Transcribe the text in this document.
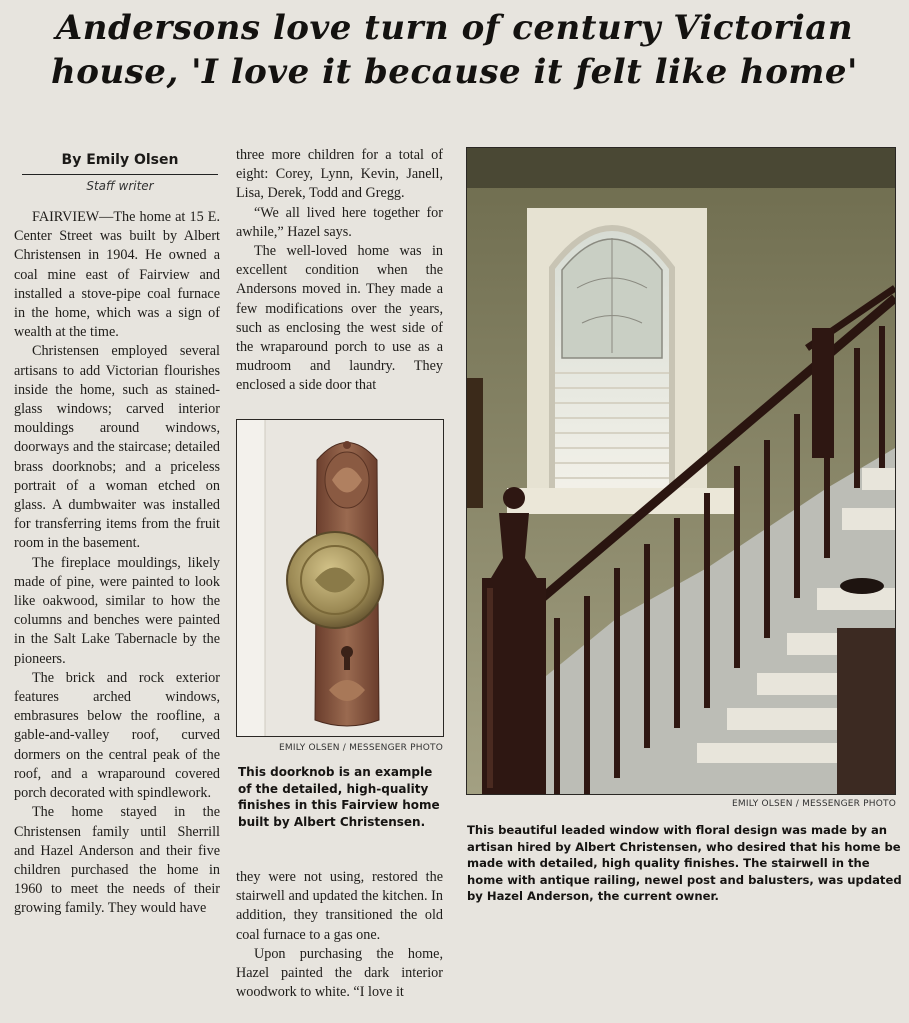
Andersons love turn of century Victorian
house, 'I love it because it felt like home'
By Emily Olsen
Staff writer

FAIRVIEW—The home at 15 E. Center Street was built by Albert Christensen in 1904. He owned a coal mine east of Fairview and installed a stove-pipe coal furnace in the home, which was a sign of wealth at the time.

Christensen employed several artisans to add Victorian flourishes inside the home, such as stained-glass windows; carved interior mouldings around windows, doorways and the staircase; detailed brass doorknobs; and a priceless portrait of a woman etched on glass. A dumbwaiter was installed for transferring items from the fruit room in the basement.

The fireplace mouldings, likely made of pine, were painted to look like oakwood, similar to how the columns and benches were painted in the Salt Lake Tabernacle by the pioneers.

The brick and rock exterior features arched windows, embrasures below the roofline, a gable-and-valley roof, curved dormers on the central peak of the roof, and a wraparound covered porch decorated with spindlework.

The home stayed in the Christensen family until Sherrill and Hazel Anderson and their five children purchased the home in 1960 to meet the needs of their growing family. They would have

three more children for a total of eight: Corey, Lynn, Kevin, Janell, Lisa, Derek, Todd and Gregg.

“We all lived here together for awhile,” Hazel says.

The well-loved home was in excellent condition when the Andersons moved in. They made a few modifications over the years, such as enclosing the west side of the wraparound porch to use as a mudroom and laundry. They enclosed a side door that

EMILY OLSEN / MESSENGER PHOTO
This doorknob is an example of the detailed, high-quality finishes in this Fairview home built by Albert Christensen.

they were not using, restored the stairwell and updated the kitchen. In addition, they transitioned the old coal furnace to a gas one.

Upon purchasing the home, Hazel painted the dark interior woodwork to white. “I love it

EMILY OLSEN / MESSENGER PHOTO
This beautiful leaded window with floral design was made by an artisan hired by Albert Christensen, who desired that his home be made with detailed, high quality finishes. The stairwell in the home with antique railing, newel post and balusters, was updated by Hazel Anderson, the current owner.
